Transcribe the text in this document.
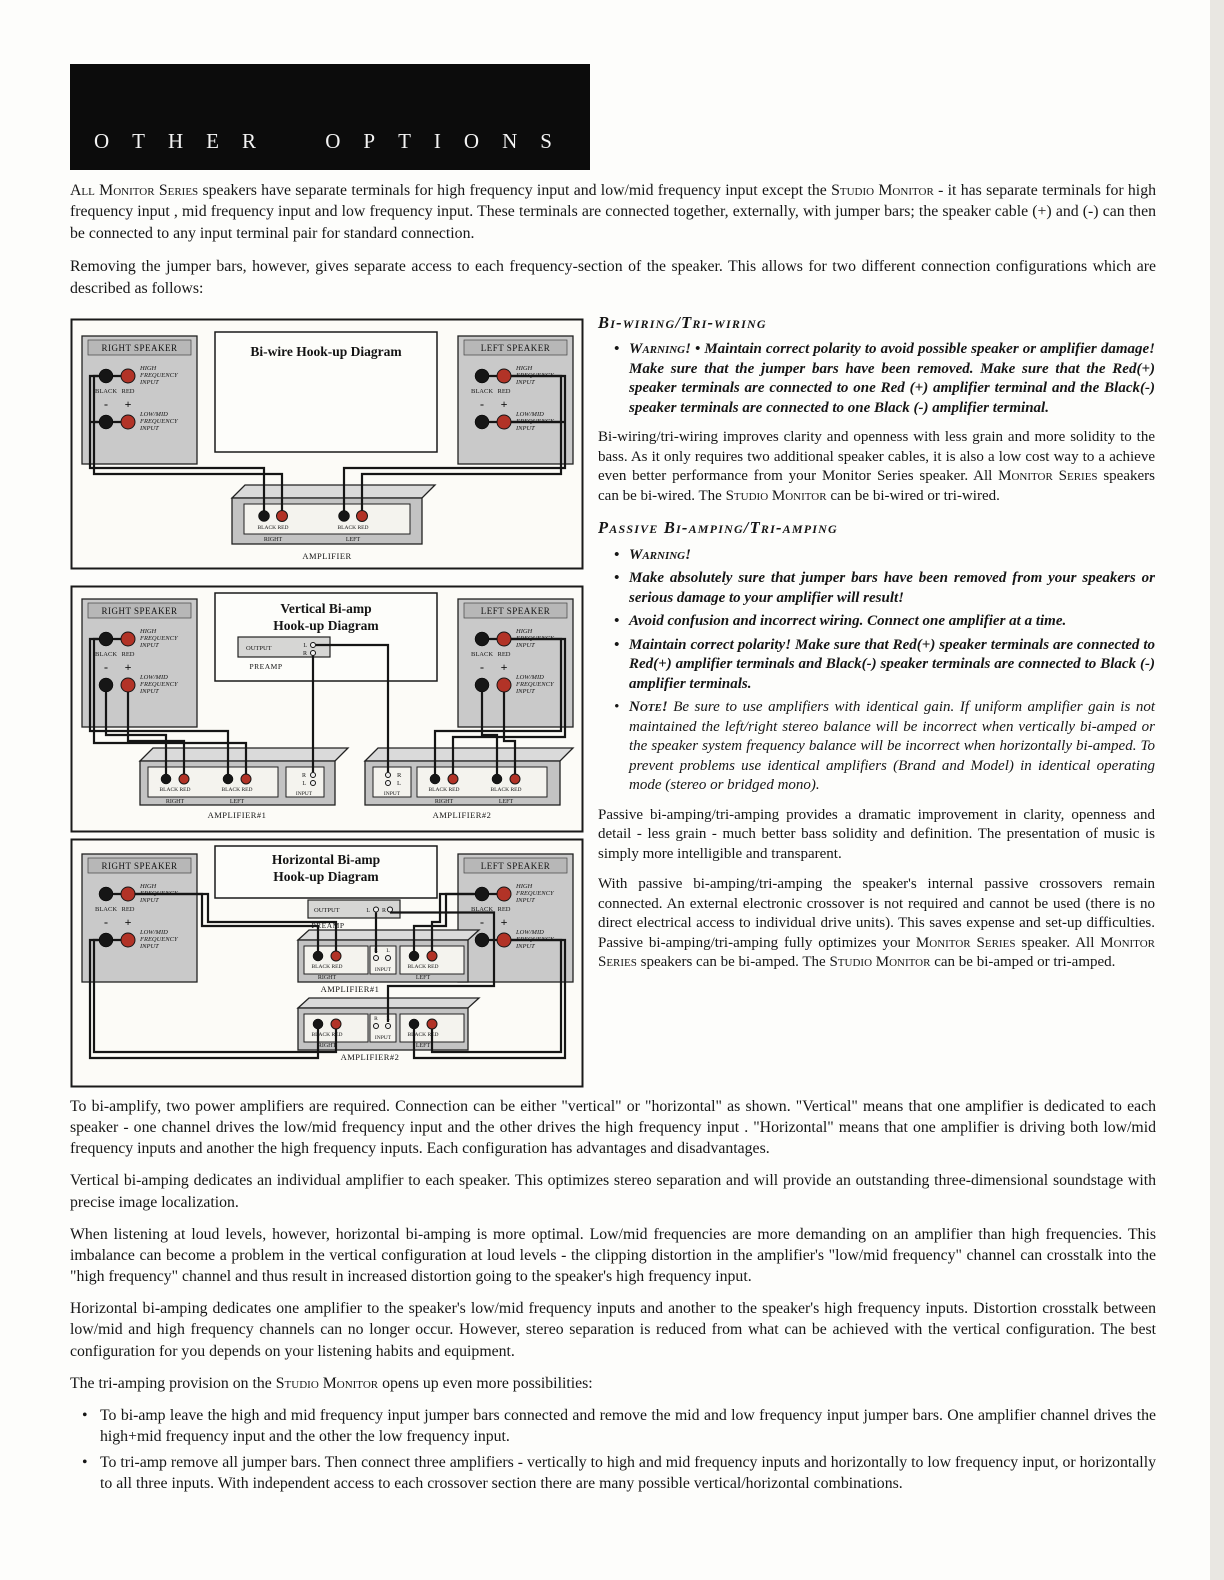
OTHER OPTIONS

All Monitor Series speakers have separate terminals for high frequency input and low/mid frequency input except the Studio Monitor - it has separate terminals for high frequency input , mid frequency input and low frequency input. These terminals are connected together, externally, with jumper bars; the speaker cable (+) and (-) can then be connected to any input terminal pair for standard connection.

Removing the jumper bars, however, gives separate access to each frequency-section of the speaker. This allows for two different connection configurations which are described as follows:

Bi-wire Hook-up Diagram
RIGHT SPEAKER
HIGH
FREQUENCY
INPUT
BLACK RED
- +
LOW/MID
FREQUENCY
INPUT
LEFT SPEAKER
HIGH
FREQUENCY
INPUT
BLACK RED
- +
LOW/MID
FREQUENCY
INPUT
BLACK RED	BLACK RED
RIGHT	LEFT
AMPLIFIER
Vertical Bi-amp
Hook-up Diagram
OUTPUT	L
R
PREAMP
RIGHT SPEAKER
HIGH
FREQUENCY
INPUT
BLACK RED
- +
LOW/MID
FREQUENCY
INPUT
LEFT SPEAKER
HIGH
FREQUENCY
INPUT
BLACK RED
- +
LOW/MID
FREQUENCY
INPUT
BLACK RED	BLACK RED
RIGHT	LEFT
R
L
INPUT
AMPLIFIER#1
R
L
INPUT
BLACK RED	BLACK RED
RIGHT	LEFT
AMPLIFIER#2
Horizontal Bi-amp
Hook-up Diagram
OUTPUT	L R
PREAMP
RIGHT SPEAKER
HIGH
FREQUENCY
INPUT
BLACK RED
- +
LOW/MID
FREQUENCY
INPUT
LEFT SPEAKER
HIGH
FREQUENCY
INPUT
BLACK RED
- +
LOW/MID
FREQUENCY
INPUT
R L
INPUT
BLACK RED	BLACK RED
RIGHT	LEFT
AMPLIFIER#1
R L
INPUT
BLACK RED	BLACK RED
RIGHT	LEFT
AMPLIFIER#2
Bi-wiring/Tri-wiring
• Warning! • Maintain correct polarity to avoid possible speaker or amplifier damage! Make sure that the jumper bars have been removed. Make sure that the Red(+) speaker terminals are connected to one Red (+) amplifier terminal and the Black(-) speaker terminals are connected to one Black (-) amplifier terminal.

Bi-wiring/tri-wiring improves clarity and openness with less grain and more solidity to the bass. As it only requires two additional speaker cables, it is also a low cost way to a achieve even better performance from your Monitor Series speaker. All Monitor Series speakers can be bi-wired. The Studio Monitor can be bi-wired or tri-wired.

Passive Bi-amping/Tri-amping
• Warning!
• Make absolutely sure that jumper bars have been removed from your speakers or serious damage to your amplifier will result!
• Avoid confusion and incorrect wiring. Connect one amplifier at a time.
• Maintain correct polarity! Make sure that Red(+) speaker terminals are connected to Red(+) amplifier terminals and Black(-) speaker terminals are connected to Black (-) amplifier terminals.
• Note! Be sure to use amplifiers with identical gain. If uniform amplifier gain is not maintained the left/right stereo balance will be incorrect when vertically bi-amped or the speaker system frequency balance will be incorrect when horizontally bi-amped. To prevent problems use identical amplifiers (Brand and Model) in identical operating mode (stereo or bridged mono).

Passive bi-amping/tri-amping provides a dramatic improvement in clarity, openness and detail - less grain - much better bass solidity and definition. The presentation of music is simply more intelligible and transparent.

With passive bi-amping/tri-amping the speaker's internal passive crossovers remain connected. An external electronic crossover is not required and cannot be used (there is no direct electrical access to individual drive units). This saves expense and set-up difficulties. Passive bi-amping/tri-amping fully optimizes your Monitor Series speaker. All Monitor Series speakers can be bi-amped. The Studio Monitor can be bi-amped or tri-amped.

To bi-amplify, two power amplifiers are required. Connection can be either "vertical" or "horizontal" as shown. "Vertical" means that one amplifier is dedicated to each speaker - one channel drives the low/mid frequency input and the other drives the high frequency input . "Horizontal" means that one amplifier is driving both low/mid frequency inputs and another the high frequency inputs. Each configuration has advantages and disadvantages.

Vertical bi-amping dedicates an individual amplifier to each speaker. This optimizes stereo separation and will provide an outstanding three-dimensional soundstage with precise image localization.

When listening at loud levels, however, horizontal bi-amping is more optimal. Low/mid frequencies are more demanding on an amplifier than high frequencies. This imbalance can become a problem in the vertical configuration at loud levels - the clipping distortion in the amplifier's "low/mid frequency" channel can crosstalk into the "high frequency" channel and thus result in increased distortion going to the speaker's high frequency input.

Horizontal bi-amping dedicates one amplifier to the speaker's low/mid frequency inputs and another to the speaker's high frequency inputs. Distortion crosstalk between low/mid and high frequency channels can no longer occur. However, stereo separation is reduced from what can be achieved with the vertical configuration. The best configuration for you depends on your listening habits and equipment.

The tri-amping provision on the Studio Monitor opens up even more possibilities:

• To bi-amp leave the high and mid frequency input jumper bars connected and remove the mid and low frequency input jumper bars. One amplifier channel drives the high+mid frequency input and the other the low frequency input.
• To tri-amp remove all jumper bars. Then connect three amplifiers - vertically to high and mid frequency inputs and horizontally to low frequency input, or horizontally to all three inputs. With independent access to each crossover section there are many possible vertical/horizontal combinations.
